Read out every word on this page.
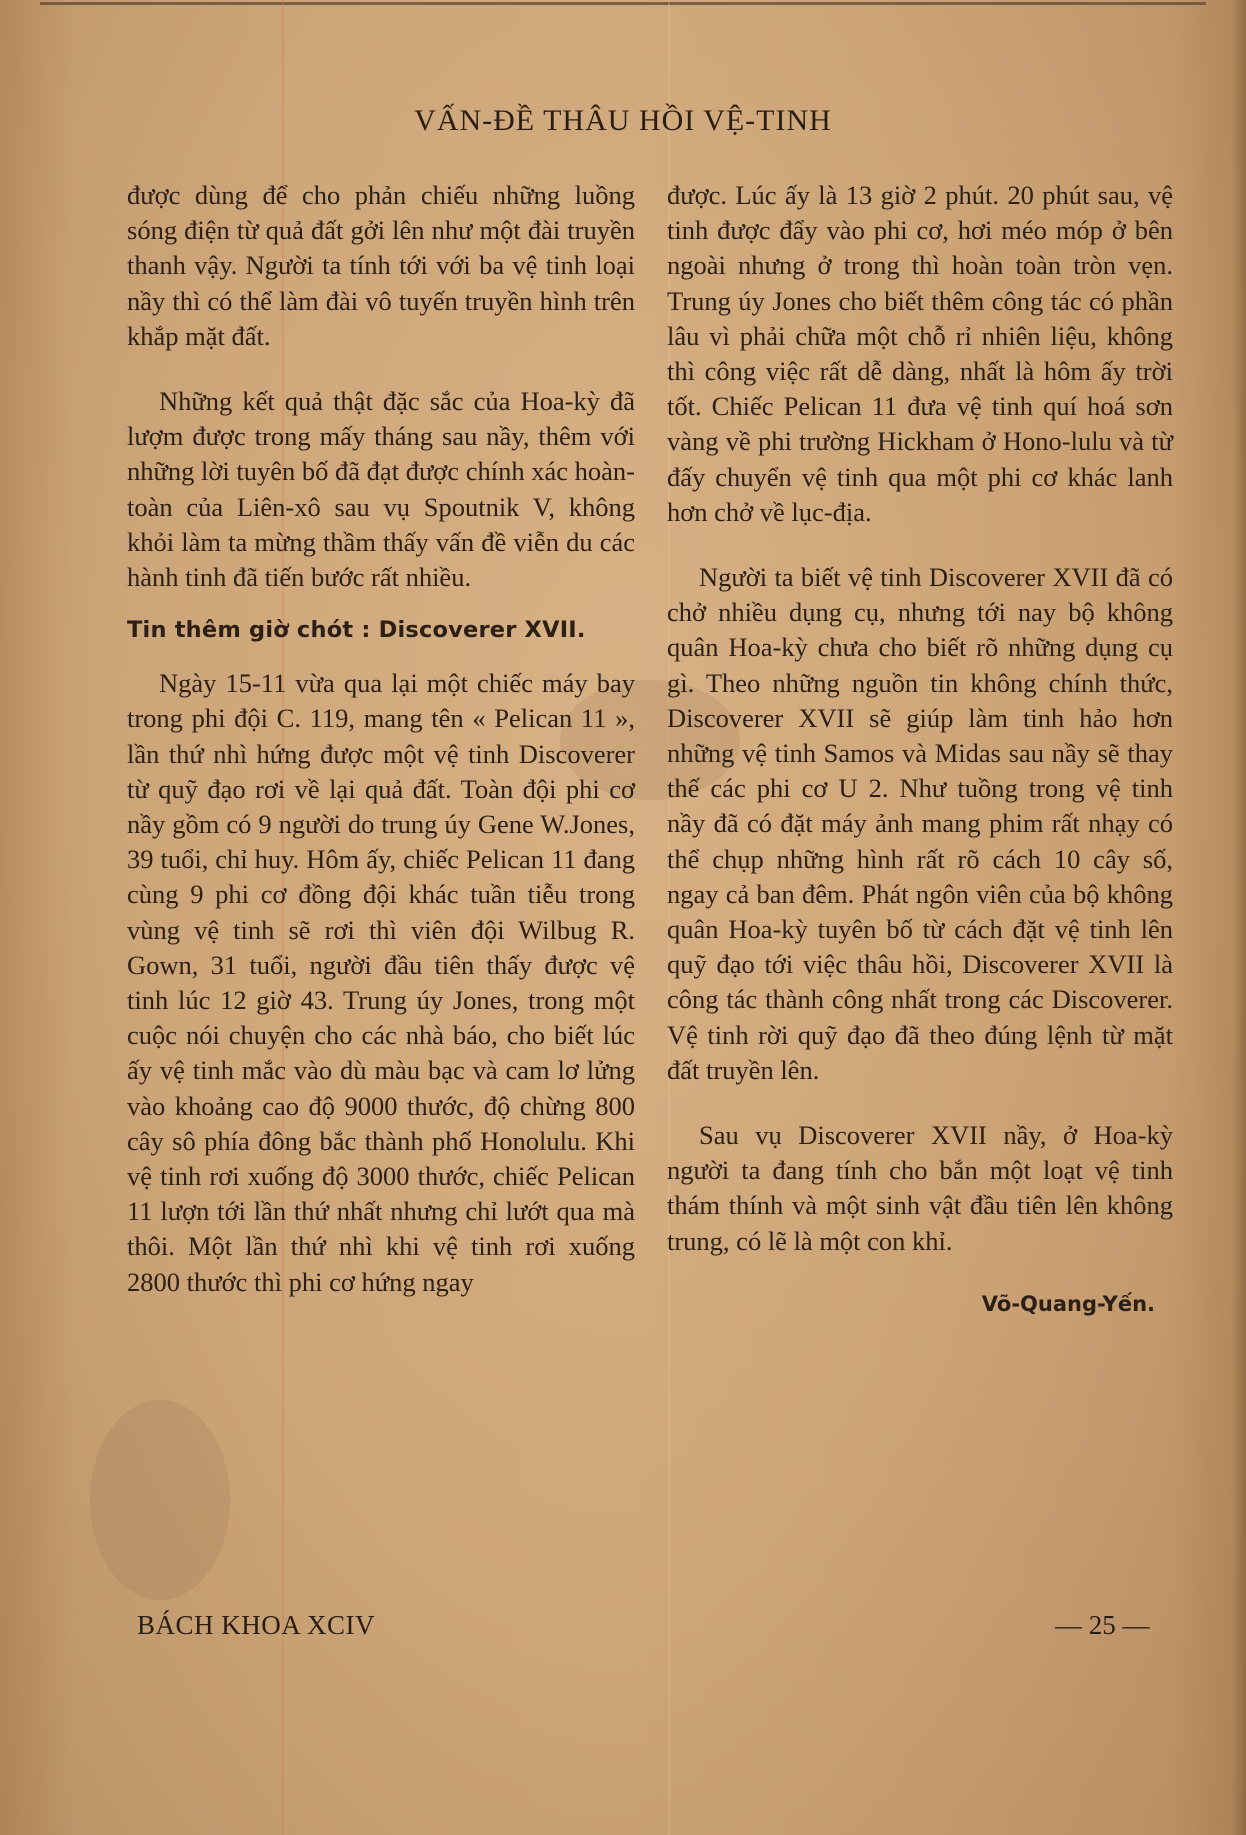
VẤN-ĐỀ THÂU HỒI VỆ-TINH

được dùng để cho phản chiếu những luồng sóng điện từ quả đất gởi lên như một đài truyền thanh vậy. Người ta tính tới với ba vệ tinh loại nầy thì có thể làm đài vô tuyến truyền hình trên khắp mặt đất.

Những kết quả thật đặc sắc của Hoa-kỳ đã lượm được trong mấy tháng sau nầy, thêm với những lời tuyên bố đã đạt được chính xác hoàn-toàn của Liên-xô sau vụ Spoutnik V, không khỏi làm ta mừng thầm thấy vấn đề viễn du các hành tinh đã tiến bước rất nhiều.

Tin thêm giờ chót : Discoverer XVII.

Ngày 15-11 vừa qua lại một chiếc máy bay trong phi đội C. 119, mang tên « Pelican 11 », lần thứ nhì hứng được một vệ tinh Discoverer từ quỹ đạo rơi về lại quả đất. Toàn đội phi cơ nầy gồm có 9 người do trung úy Gene W.Jones, 39 tuổi, chỉ huy. Hôm ấy, chiếc Pelican 11 đang cùng 9 phi cơ đồng đội khác tuần tiễu trong vùng vệ tinh sẽ rơi thì viên đội Wilbug R. Gown, 31 tuổi, người đầu tiên thấy được vệ tinh lúc 12 giờ 43. Trung úy Jones, trong một cuộc nói chuyện cho các nhà báo, cho biết lúc ấy vệ tinh mắc vào dù màu bạc và cam lơ lửng vào khoảng cao độ 9000 thước, độ chừng 800 cây sô phía đông bắc thành phố Honolulu. Khi vệ tinh rơi xuống độ 3000 thước, chiếc Pelican 11 lượn tới lần thứ nhất nhưng chỉ lướt qua mà thôi. Một lần thứ nhì khi vệ tinh rơi xuống 2800 thước thì phi cơ hứng ngay

được. Lúc ấy là 13 giờ 2 phút. 20 phút sau, vệ tinh được đẩy vào phi cơ, hơi méo móp ở bên ngoài nhưng ở trong thì hoàn toàn tròn vẹn. Trung úy Jones cho biết thêm công tác có phần lâu vì phải chữa một chỗ rỉ nhiên liệu, không thì công việc rất dễ dàng, nhất là hôm ấy trời tốt. Chiếc Pelican 11 đưa vệ tinh quí hoá sơn vàng về phi trường Hickham ở Hono-lulu và từ đấy chuyển vệ tinh qua một phi cơ khác lanh hơn chở về lục-địa.

Người ta biết vệ tinh Discoverer XVII đã có chở nhiều dụng cụ, nhưng tới nay bộ không quân Hoa-kỳ chưa cho biết rõ những dụng cụ gì. Theo những nguồn tin không chính thức, Discoverer XVII sẽ giúp làm tinh hảo hơn những vệ tinh Samos và Midas sau nầy sẽ thay thế các phi cơ U 2. Như tuồng trong vệ tinh nầy đã có đặt máy ảnh mang phim rất nhạy có thể chụp những hình rất rõ cách 10 cây số, ngay cả ban đêm. Phát ngôn viên của bộ không quân Hoa-kỳ tuyên bố từ cách đặt vệ tinh lên quỹ đạo tới việc thâu hồi, Discoverer XVII là công tác thành công nhất trong các Discoverer. Vệ tinh rời quỹ đạo đã theo đúng lệnh từ mặt đất truyền lên.

Sau vụ Discoverer XVII nầy, ở Hoa-kỳ người ta đang tính cho bắn một loạt vệ tinh thám thính và một sinh vật đầu tiên lên không trung, có lẽ là một con khỉ.

Võ-Quang-Yến.
BÁCH KHOA XCIV	— 25 —
